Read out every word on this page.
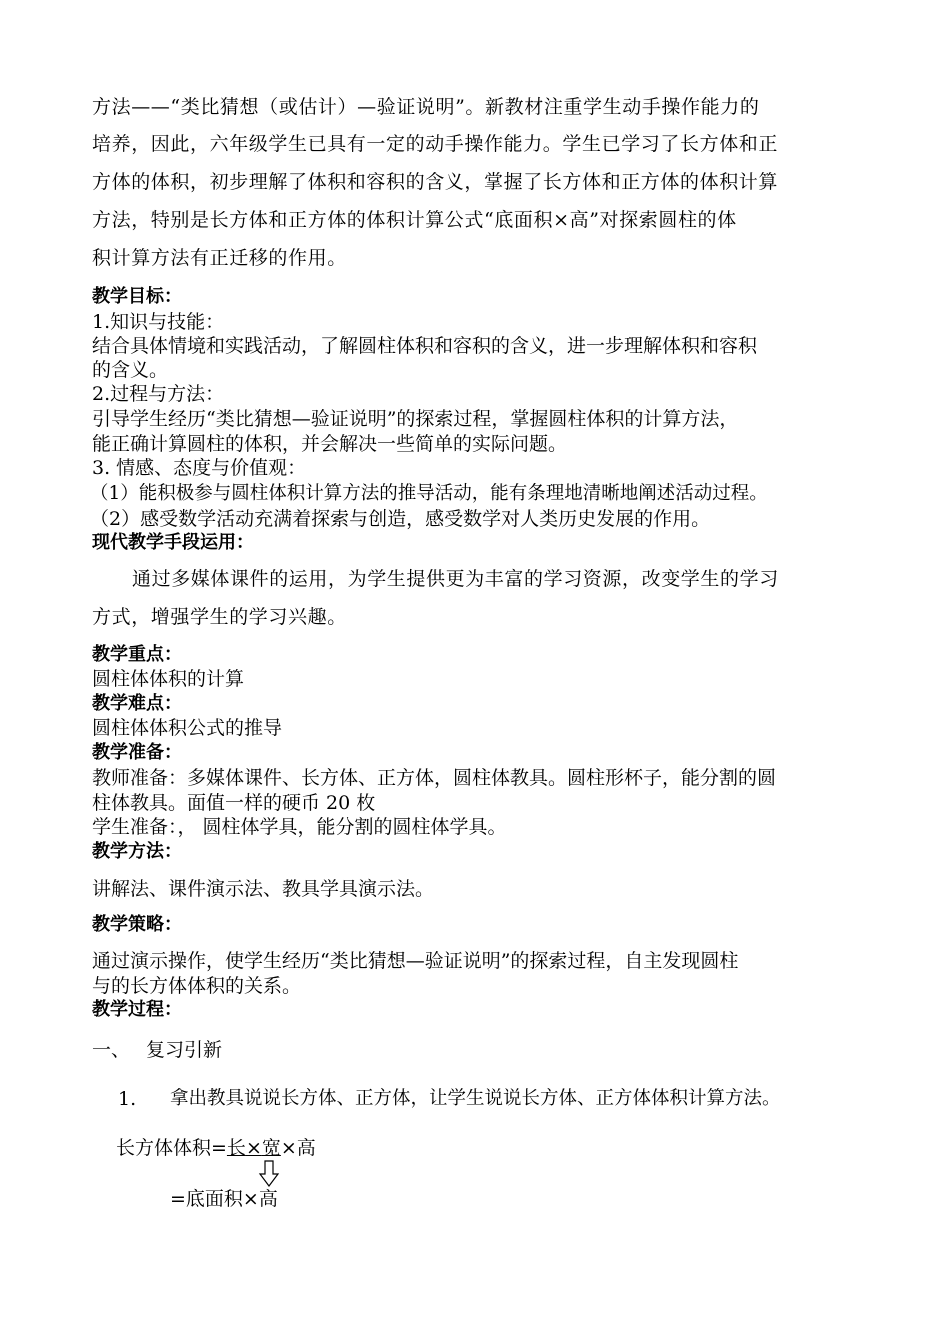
方法——“类比猜想（或估计）—验证说明”。新教材注重学生动手操作能力的
培养，因此，六年级学生已具有一定的动手操作能力。学生已学习了长方体和正
方体的体积，初步理解了体积和容积的含义，掌握了长方体和正方体的体积计算
方法，特别是长方体和正方体的体积计算公式“底面积×高”对探索圆柱的体
积计算方法有正迁移的作用。
教学目标：
1.知识与技能：
结合具体情境和实践活动，了解圆柱体积和容积的含义，进一步理解体积和容积
的含义。
2.过程与方法：
引导学生经历“类比猜想—验证说明”的探索过程，掌握圆柱体积的计算方法，
能正确计算圆柱的体积，并会解决一些简单的实际问题。
3. 情感、态度与价值观：
（1）能积极参与圆柱体积计算方法的推导活动，能有条理地清晰地阐述活动过程。
（2）感受数学活动充满着探索与创造，感受数学对人类历史发展的作用。
现代教学手段运用：
通过多媒体课件的运用，为学生提供更为丰富的学习资源，改变学生的学习
方式，增强学生的学习兴趣。
教学重点：
圆柱体体积的计算
教学难点：
圆柱体体积公式的推导
教学准备：
教师准备：多媒体课件、长方体、正方体，圆柱体教具。圆柱形杯子，能分割的圆
柱体教具。面值一样的硬币 20 枚
学生准备：， 圆柱体学具，能分割的圆柱体学具。
教学方法：
讲解法、课件演示法、教具学具演示法。
教学策略：
通过演示操作，使学生经历“类比猜想—验证说明”的探索过程，自主发现圆柱
与的长方体体积的关系。
教学过程：
一、 复习引新
1. 拿出教具说说长方体、正方体，让学生说说长方体、正方体体积计算方法。
长方体体积=长×宽×高
=底面积×高
